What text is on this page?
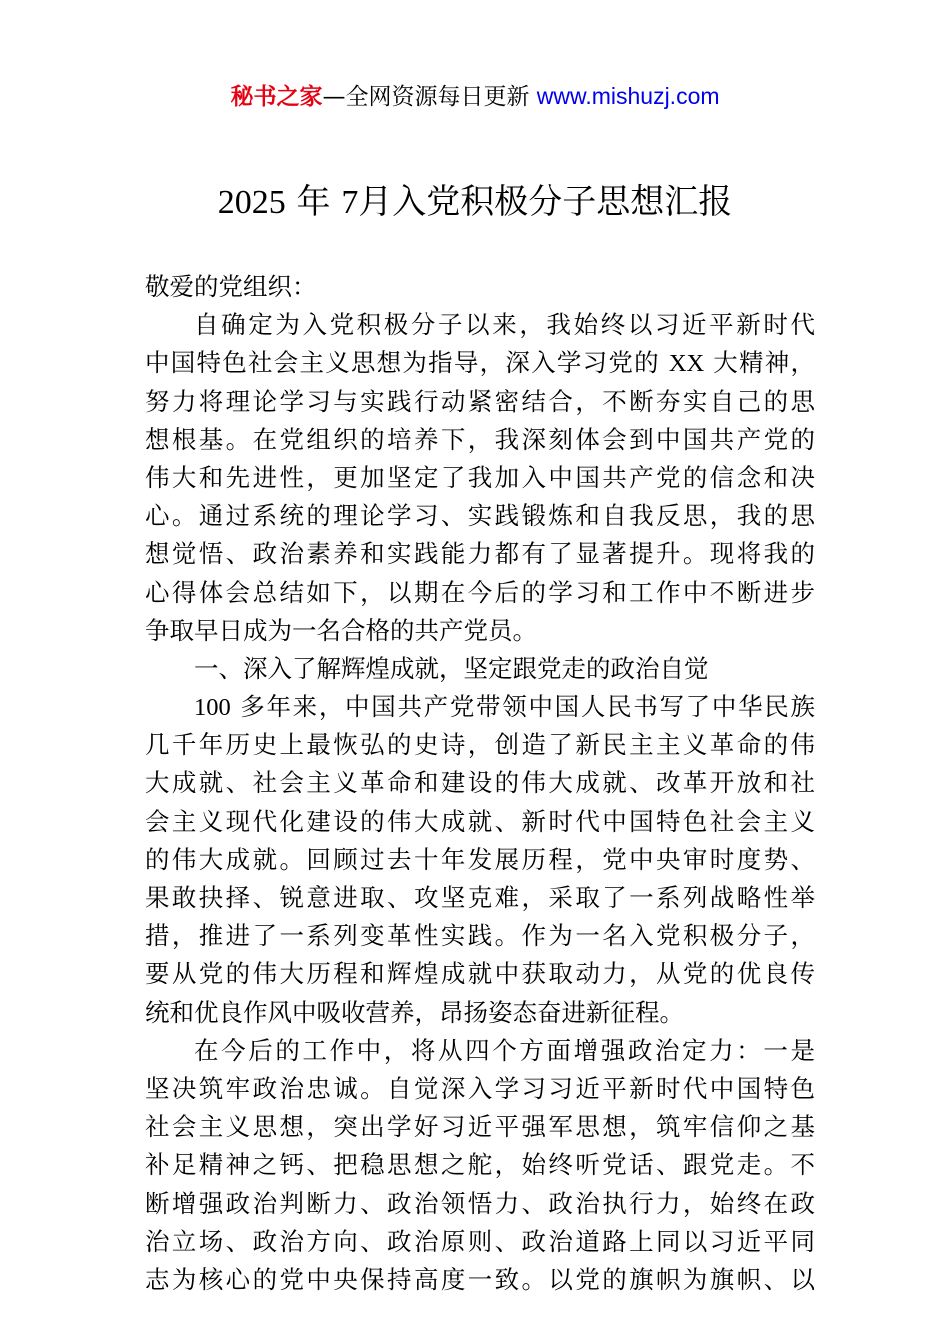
秘书之家—全网资源每日更新 www.mishuzj.com
2025 年 7月入党积极分子思想汇报
敬爱的党组织：
自确定为入党积极分子以来，我始终以习近平新时代
中国特色社会主义思想为指导，深入学习党的 XX 大精神，
努力将理论学习与实践行动紧密结合，不断夯实自己的思
想根基。在党组织的培养下，我深刻体会到中国共产党的
伟大和先进性，更加坚定了我加入中国共产党的信念和决
心。通过系统的理论学习、实践锻炼和自我反思，我的思
想觉悟、政治素养和实践能力都有了显著提升。现将我的
心得体会总结如下，以期在今后的学习和工作中不断进步
争取早日成为一名合格的共产党员。
一、深入了解辉煌成就，坚定跟党走的政治自觉
100 多年来，中国共产党带领中国人民书写了中华民族
几千年历史上最恢弘的史诗，创造了新民主主义革命的伟
大成就、社会主义革命和建设的伟大成就、改革开放和社
会主义现代化建设的伟大成就、新时代中国特色社会主义
的伟大成就。回顾过去十年发展历程，党中央审时度势、
果敢抉择、锐意进取、攻坚克难，采取了一系列战略性举
措，推进了一系列变革性实践。作为一名入党积极分子，
要从党的伟大历程和辉煌成就中获取动力，从党的优良传
统和优良作风中吸收营养，昂扬姿态奋进新征程。
在今后的工作中，将从四个方面增强政治定力：一是
坚决筑牢政治忠诚。自觉深入学习习近平新时代中国特色
社会主义思想，突出学好习近平强军思想，筑牢信仰之基
补足精神之钙、把稳思想之舵，始终听党话、跟党走。不
断增强政治判断力、政治领悟力、政治执行力，始终在政
治立场、政治方向、政治原则、政治道路上同以习近平同
志为核心的党中央保持高度一致。以党的旗帜为旗帜、以
